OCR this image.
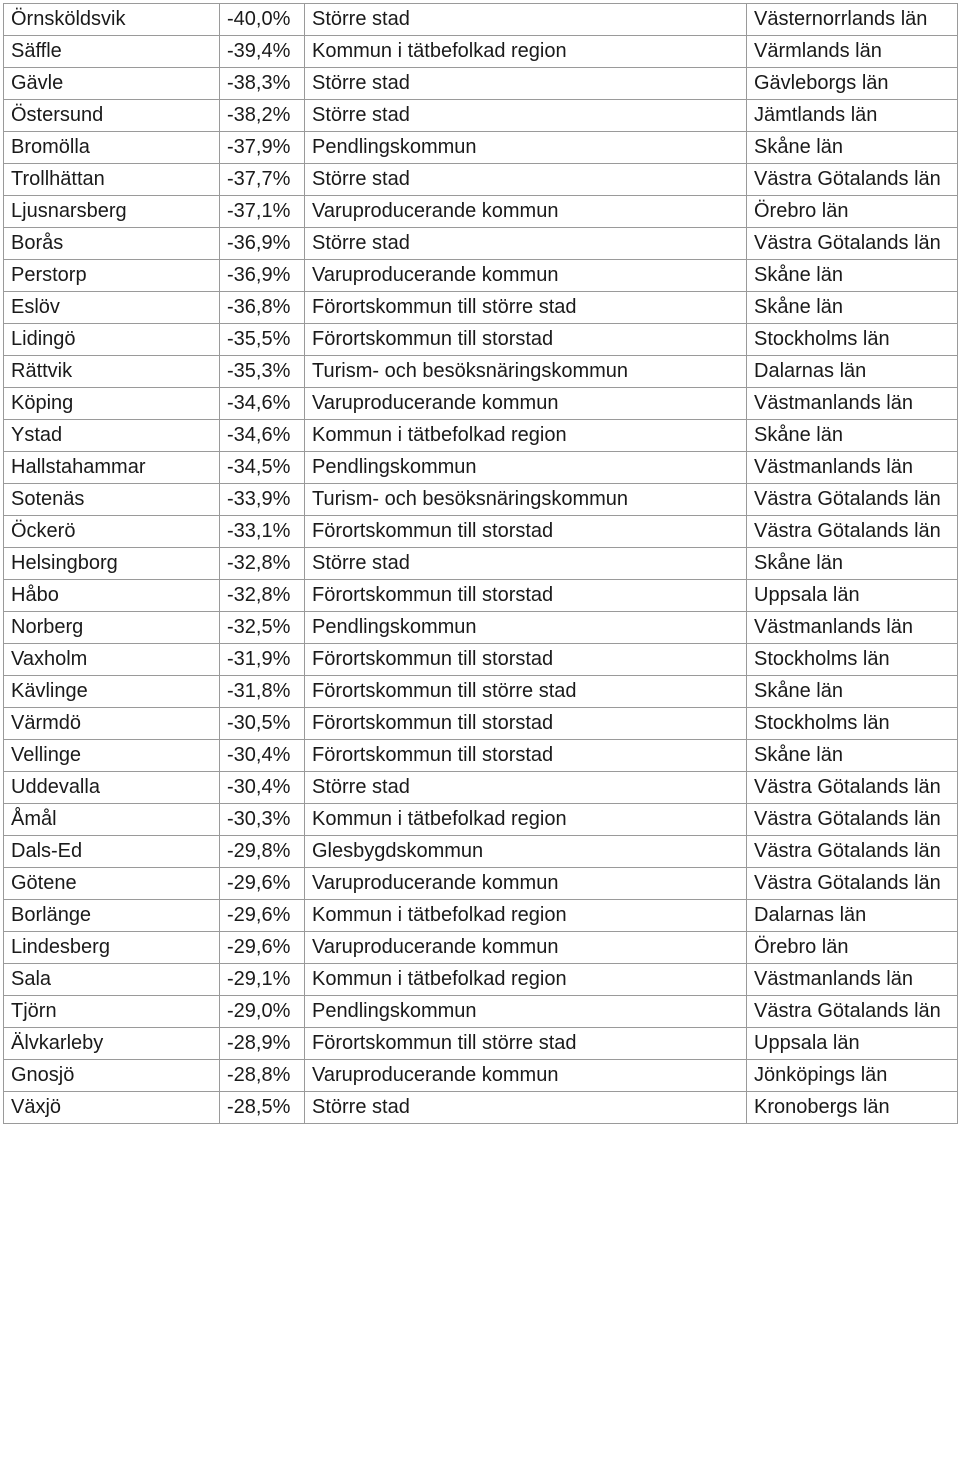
Örnsköldsvik	-40,0%	Större stad	Västernorrlands län
Säffle	-39,4%	Kommun i tätbefolkad region	Värmlands län
Gävle	-38,3%	Större stad	Gävleborgs län
Östersund	-38,2%	Större stad	Jämtlands län
Bromölla	-37,9%	Pendlingskommun	Skåne län
Trollhättan	-37,7%	Större stad	Västra Götalands län
Ljusnarsberg	-37,1%	Varuproducerande kommun	Örebro län
Borås	-36,9%	Större stad	Västra Götalands län
Perstorp	-36,9%	Varuproducerande kommun	Skåne län
Eslöv	-36,8%	Förortskommun till större stad	Skåne län
Lidingö	-35,5%	Förortskommun till storstad	Stockholms län
Rättvik	-35,3%	Turism- och besöksnäringskommun	Dalarnas län
Köping	-34,6%	Varuproducerande kommun	Västmanlands län
Ystad	-34,6%	Kommun i tätbefolkad region	Skåne län
Hallstahammar	-34,5%	Pendlingskommun	Västmanlands län
Sotenäs	-33,9%	Turism- och besöksnäringskommun	Västra Götalands län
Öckerö	-33,1%	Förortskommun till storstad	Västra Götalands län
Helsingborg	-32,8%	Större stad	Skåne län
Håbo	-32,8%	Förortskommun till storstad	Uppsala län
Norberg	-32,5%	Pendlingskommun	Västmanlands län
Vaxholm	-31,9%	Förortskommun till storstad	Stockholms län
Kävlinge	-31,8%	Förortskommun till större stad	Skåne län
Värmdö	-30,5%	Förortskommun till storstad	Stockholms län
Vellinge	-30,4%	Förortskommun till storstad	Skåne län
Uddevalla	-30,4%	Större stad	Västra Götalands län
Åmål	-30,3%	Kommun i tätbefolkad region	Västra Götalands län
Dals-Ed	-29,8%	Glesbygdskommun	Västra Götalands län
Götene	-29,6%	Varuproducerande kommun	Västra Götalands län
Borlänge	-29,6%	Kommun i tätbefolkad region	Dalarnas län
Lindesberg	-29,6%	Varuproducerande kommun	Örebro län
Sala	-29,1%	Kommun i tätbefolkad region	Västmanlands län
Tjörn	-29,0%	Pendlingskommun	Västra Götalands län
Älvkarleby	-28,9%	Förortskommun till större stad	Uppsala län
Gnosjö	-28,8%	Varuproducerande kommun	Jönköpings län
Växjö	-28,5%	Större stad	Kronobergs län
